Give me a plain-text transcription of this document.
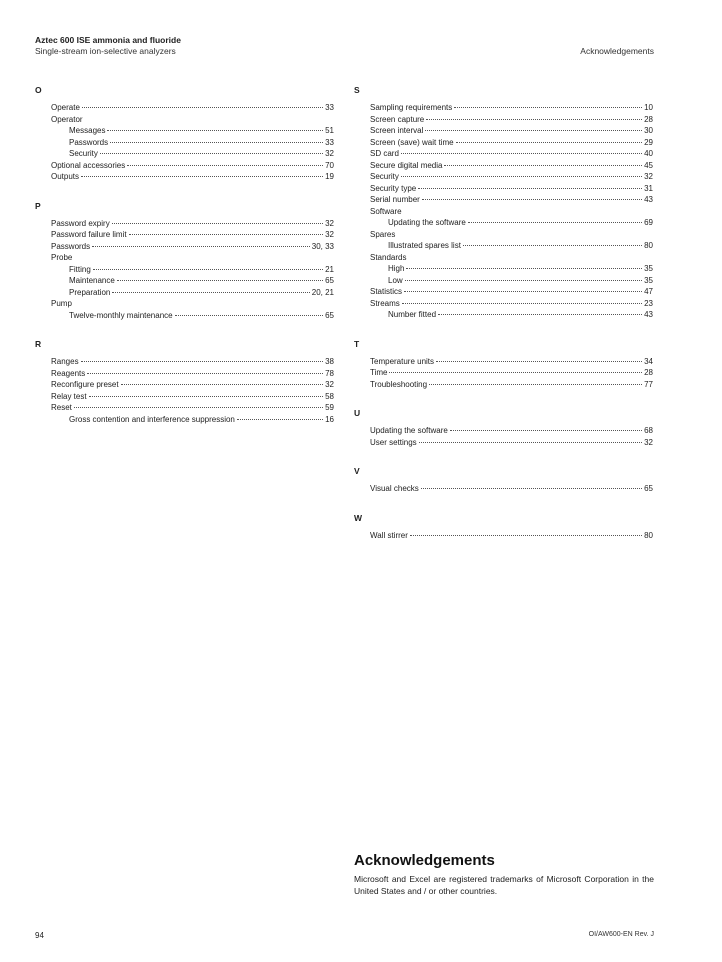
Aztec 600 ISE ammonia and fluoride
Single-stream ion-selective analyzers	Acknowledgements
O
Operate	33
Operator
Messages	51
Passwords	33
Security	32
Optional accessories	70
Outputs	19
P
Password expiry	32
Password failure limit	32
Passwords	30, 33
Probe
Fitting	21
Maintenance	65
Preparation	20, 21
Pump
Twelve-monthly maintenance	65
R
Ranges	38
Reagents	78
Reconfigure preset	32
Relay test	58
Reset	59
Gross contention and interference suppression	16
S
Sampling requirements	10
Screen capture	28
Screen interval	30
Screen (save) wait time	29
SD card	40
Secure digital media	45
Security	32
Security type	31
Serial number	43
Software
Updating the software	69
Spares
Illustrated spares list	80
Standards
High	35
Low	35
Statistics	47
Streams	23
Number fitted	43
T
Temperature units	34
Time	28
Troubleshooting	77
U
Updating the software	68
User settings	32
V
Visual checks	65
W
Wall stirrer	80
Acknowledgements

Microsoft and Excel are registered trademarks of Microsoft Corporation in the United States and / or other countries.

94	OI/AW600-EN Rev. J
